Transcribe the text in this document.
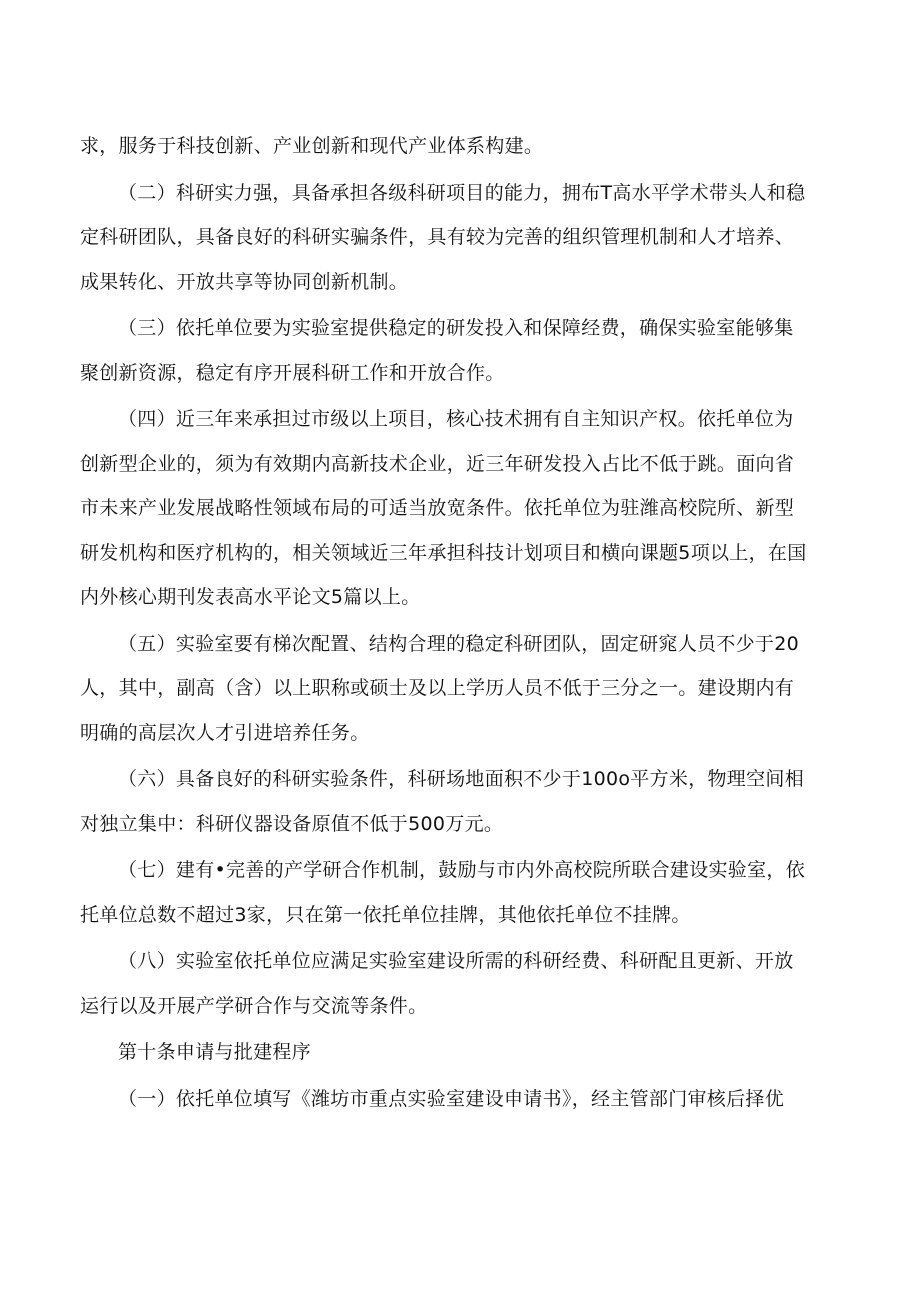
求，服务于科技创新、产业创新和现代产业体系构建。

（二）科研实力强，具备承担各级科研项目的能力，拥布T高水平学术带头人和稳
定科研团队，具备良好的科研实骗条件，具有较为完善的组织管理机制和人才培养、
成果转化、开放共享等协同创新机制。

（三）依托单位要为实验室提供稳定的研发投入和保障经费，确保实验室能够集
聚创新资源，稳定有序开展科研工作和开放合作。

（四）近三年来承担过市级以上项目，核心技术拥有自主知识产权。依托单位为
创新型企业的，须为有效期内高新技术企业，近三年研发投入占比不低于跳。面向省
市未来产业发展战略性领域布局的可适当放宽条件。依托单位为驻潍高校院所、新型
研发机构和医疗机构的，相关领域近三年承担科技计划项目和横向课题5项以上，在国
内外核心期刊发表高水平论文5篇以上。

（五）实验室要有梯次配置、结构合理的稳定科研团队，固定研窕人员不少于20
人，其中，副高（含）以上职称或硕士及以上学历人员不低于三分之一。建设期内有
明确的高层次人才引进培养任务。

（六）具备良好的科研实验条件，科研场地面积不少于100o平方米，物理空间相
对独立集中：科研仪器设备原值不低于500万元。

（七）建有•完善的产学研合作机制，鼓励与市内外高校院所联合建设实验室，依
托单位总数不超过3家，只在第一依托单位挂牌，其他依托单位不挂牌。

（八）实验室依托单位应满足实验室建设所需的科研经费、科研配且更新、开放
运行以及开展产学研合作与交流等条件。

第十条申请与批建程序

（一）依托单位填写《潍坊市重点实验室建设申请书》，经主管部门审核后择优
